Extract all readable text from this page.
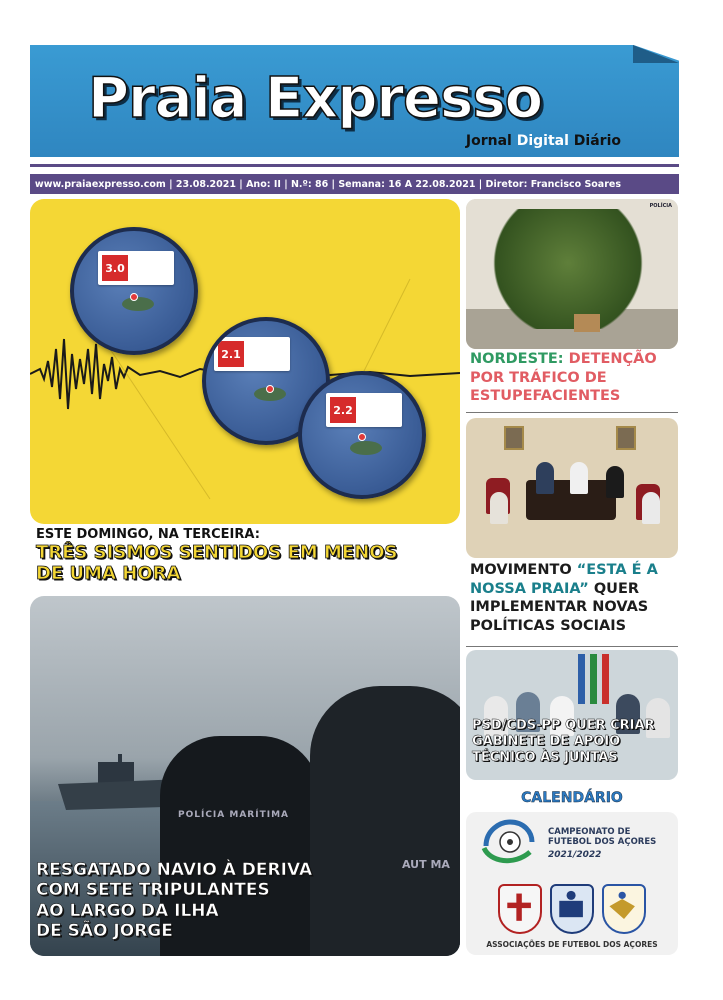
Praia Expresso
Jornal Digital Diário
www.praiaexpresso.com | 23.08.2021 | Ano: II | N.º: 86 | Semana: 16 A 22.08.2021 | Diretor: Francisco Soares
3.0
2.1
2.2
ESTE DOMINGO, NA TERCEIRA:
TRÊS SISMOS SENTIDOS EM MENOS DE UMA HORA
POLÍCIA MARÍTIMA
AUT MA
RESGATADO NAVIO À DERIVA
COM SETE TRIPULANTES
AO LARGO DA ILHA
DE SÃO JORGE
POLÍCIA
NORDESTE: DETENÇÃO POR TRÁFICO DE ESTUPEFACIENTES
MOVIMENTO “ESTA É A NOSSA PRAIA” QUER IMPLEMENTAR NOVAS POLÍTICAS SOCIAIS
PSD/CDS-PP QUER CRIAR GABINETE DE APOIO TÉCNICO ÀS JUNTAS
CALENDÁRIO
CAMPEONATO DE FUTEBOL DOS AÇORES
2021/2022
ASSOCIAÇÕES DE FUTEBOL DOS AÇORES
